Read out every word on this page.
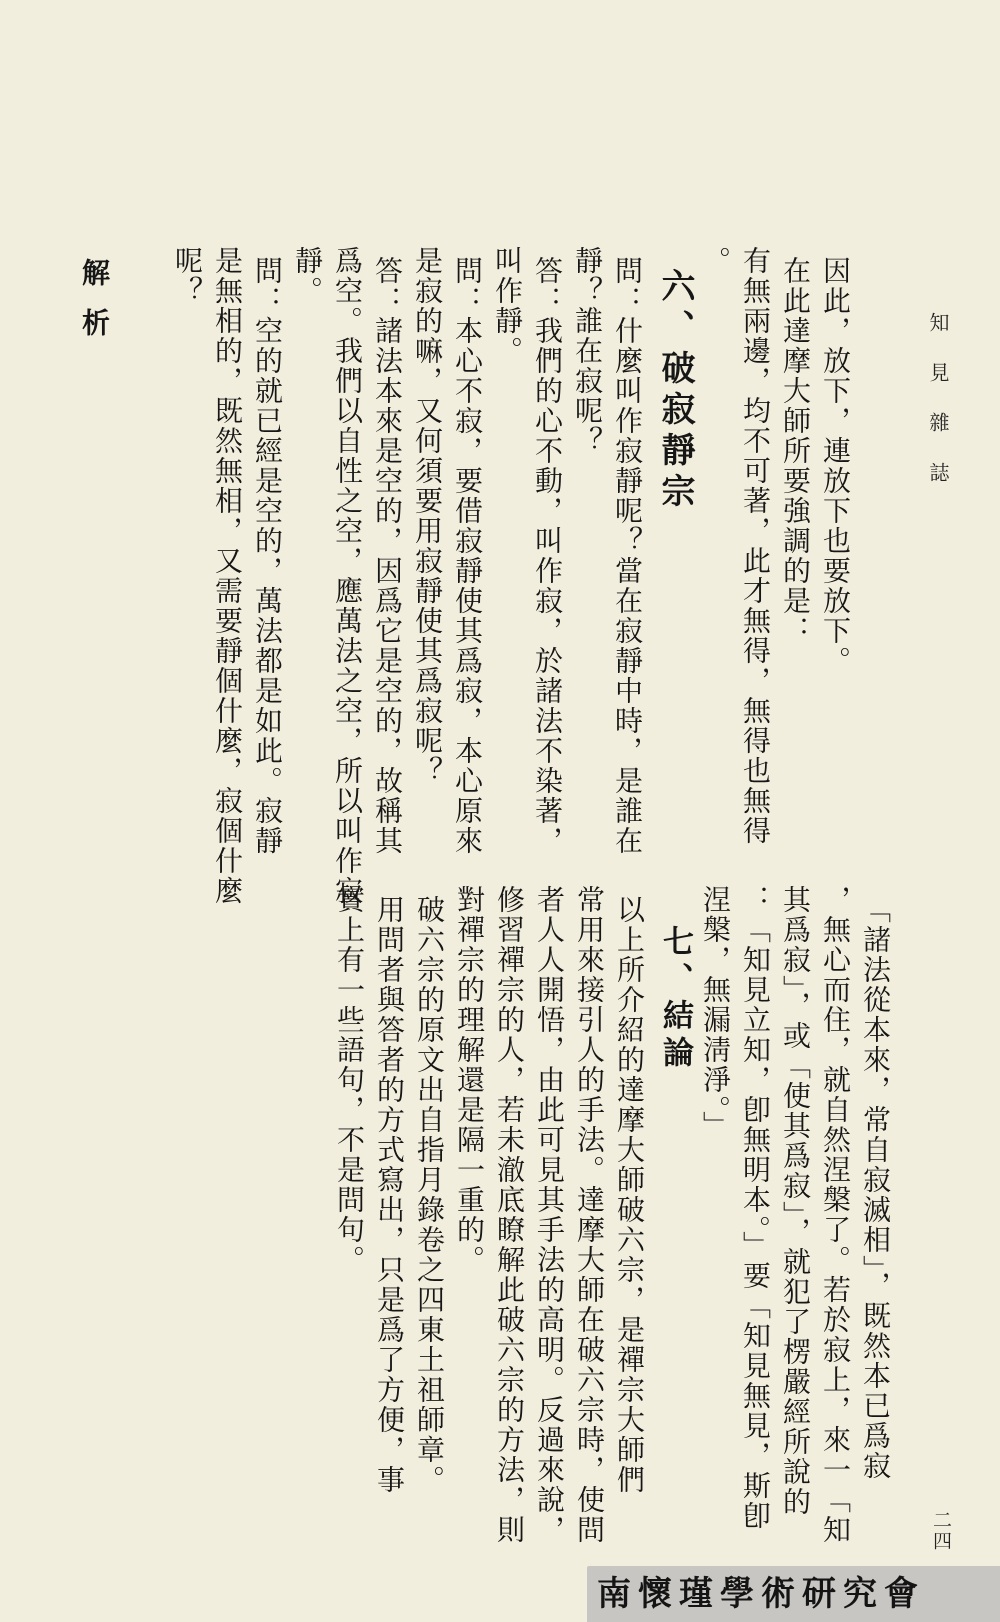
知見雜誌
二四
因此，放下，連放下也要放下。
在此達摩大師所要強調的是：
有無兩邊，均不可著，此才無得，無得也無得
。
六、破寂靜宗
問：什麼叫作寂靜呢？當在寂靜中時，是誰在
靜？誰在寂呢？
答：我們的心不動，叫作寂，於諸法不染著，
叫作靜。
問：本心不寂，要借寂靜使其爲寂，本心原來
是寂的嘛，又何須要用寂靜使其爲寂呢？
答：諸法本來是空的，因爲它是空的，故稱其
爲空。我們以自性之空，應萬法之空，所以叫作寂
靜。
問：空的就已經是空的，萬法都是如此。寂靜
是無相的，既然無相，又需要靜個什麼，寂個什麼
呢？
解析
「諸法從本來，常自寂滅相」，既然本已爲寂
，無心而住，就自然涅槃了。若於寂上，來一「知
其爲寂」，或「使其爲寂」，就犯了楞嚴經所說的
：「知見立知，卽無明本。」要「知見無見，斯卽
涅槃，無漏淸淨。」
七、結論
以上所介紹的達摩大師破六宗，是禪宗大師們
常用來接引人的手法。達摩大師在破六宗時，使問
者人人開悟，由此可見其手法的高明。反過來說，
修習禪宗的人，若未澈底瞭解此破六宗的方法，則
對禪宗的理解還是隔一重的。
破六宗的原文出自指月錄卷之四東土祖師章。
用問者與答者的方式寫出，只是爲了方便，事
實上有一些語句，不是問句。
南懷瑾學術研究會
